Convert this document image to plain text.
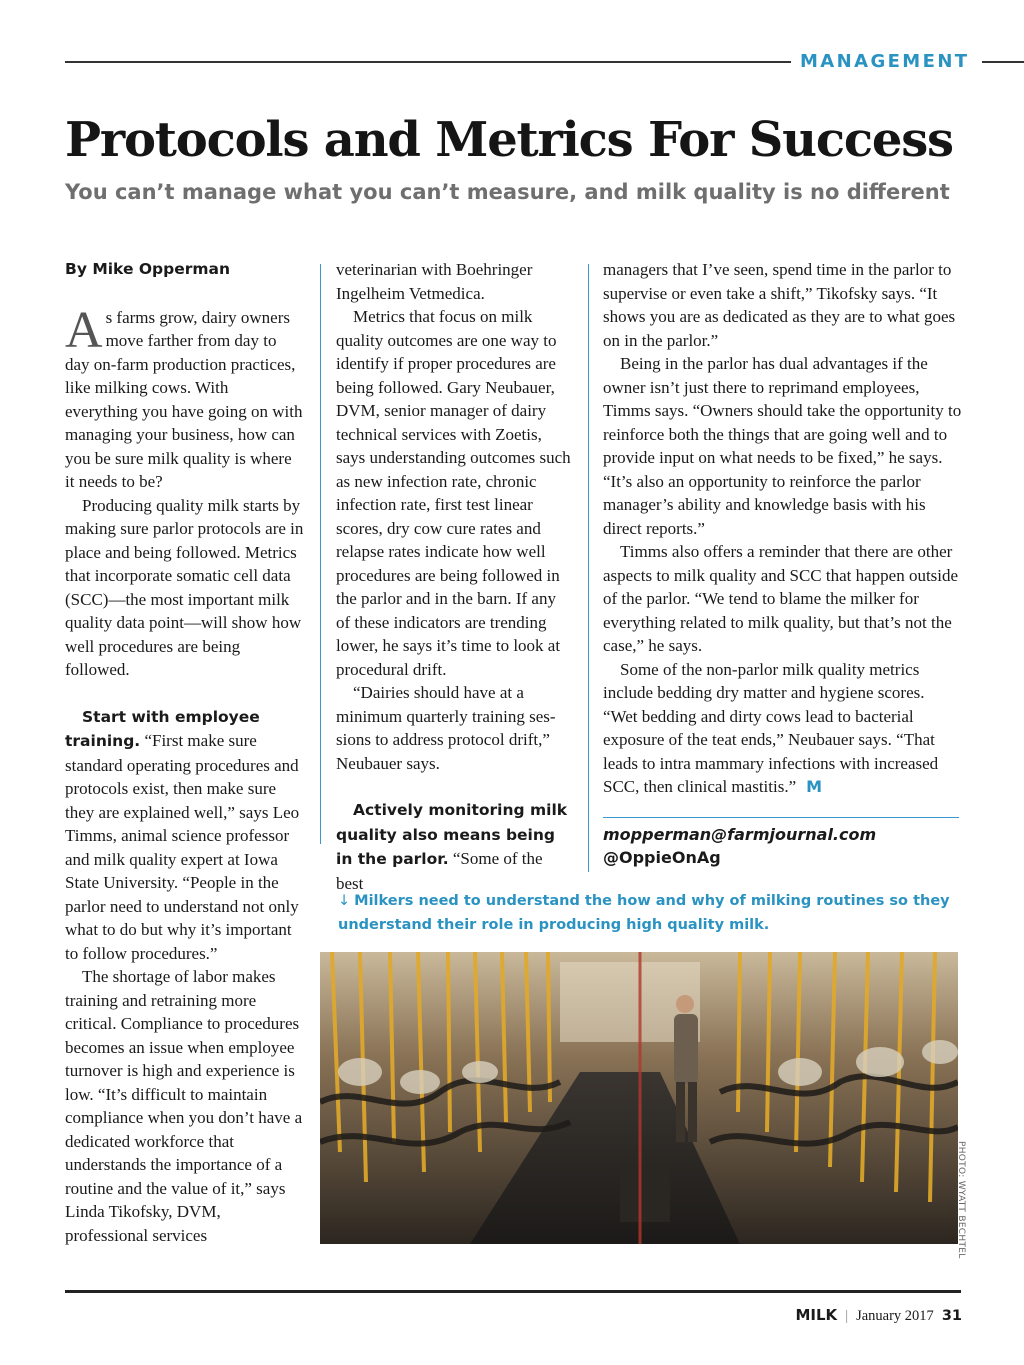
MANAGEMENT
Protocols and Metrics For Success
You can’t manage what you can’t measure, and milk quality is no different
By Mike Opperman

As farms grow, dairy owners move farther from day to day on-farm production practices, like milking cows. With everything you have going on with managing your business, how can you be sure milk quality is where it needs to be?

Producing quality milk starts by making sure parlor protocols are in place and being followed. Metrics that incorporate somatic cell data (SCC)—the most important milk quality data point—will show how well procedures are being followed.

Start with employee training. “First make sure standard operating procedures and protocols exist, then make sure they are explained well,” says Leo Timms, animal science professor and milk quality expert at Iowa State University. “People in the parlor need to understand not only what to do but why it’s important to follow procedures.”

The shortage of labor makes training and retraining more critical. Compliance to procedures becomes an issue when employee turnover is high and experience is low. “It’s difficult to maintain compliance when you don’t have a dedicated workforce that understands the importance of a routine and the value of it,” says Linda Tikofsky, DVM, professional services

veterinarian with Boehringer Ingelheim Vetmedica.

Metrics that focus on milk quality outcomes are one way to identify if proper procedures are being followed. Gary Neubauer, DVM, senior manager of dairy technical services with Zoetis, says understanding outcomes such as new infection rate, chronic infection rate, first test linear scores, dry cow cure rates and relapse rates indicate how well procedures are being followed in the parlor and in the barn. If any of these indicators are trending lower, he says it’s time to look at procedural drift.

“Dairies should have at a minimum quarterly training sessions to address protocol drift,” Neubauer says.

Actively monitoring milk quality also means being in the parlor. “Some of the best

managers that I’ve seen, spend time in the parlor to supervise or even take a shift,” Tikofsky says. “It shows you are as dedicated as they are to what goes on in the parlor.”

Being in the parlor has dual advantages if the owner isn’t just there to reprimand employees, Timms says. “Owners should take the opportunity to reinforce both the things that are going well and to provide input on what needs to be fixed,” he says. “It’s also an opportunity to reinforce the parlor manager’s ability and knowledge basis with his direct reports.”

Timms also offers a reminder that there are other aspects to milk quality and SCC that happen outside of the parlor. “We tend to blame the milker for everything related to milk quality, but that’s not the case,” he says.

Some of the non-parlor milk quality metrics include bedding dry matter and hygiene scores. “Wet bedding and dirty cows lead to bacterial exposure of the teat ends,” Neubauer says. “That leads to intra mammary infections with increased SCC, then clinical mastitis.” M

mopperman@farmjournal.com
@OppieOnAg
↓ Milkers need to understand the how and why of milking routines so they understand their role in producing high quality milk.
PHOTO: WYATT BECHTEL
MILK | January 2017 31
